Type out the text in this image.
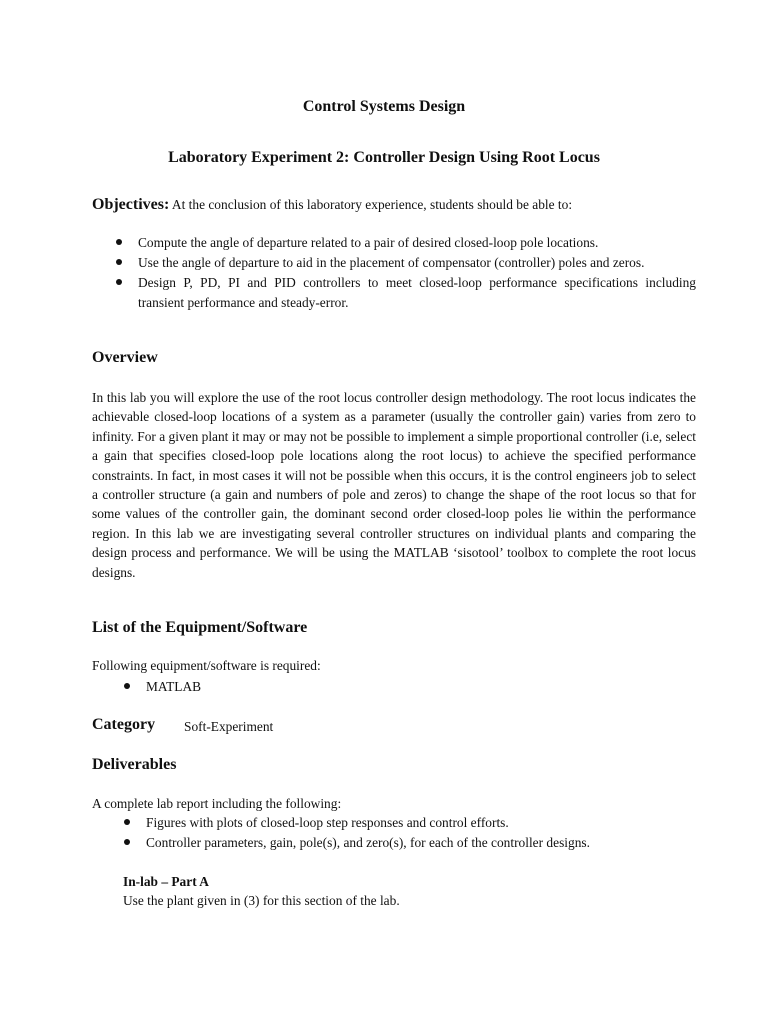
Control Systems Design
Laboratory Experiment 2: Controller Design Using Root Locus
Objectives: At the conclusion of this laboratory experience, students should be able to:
Compute the angle of departure related to a pair of desired closed-loop pole locations.
Use the angle of departure to aid in the placement of compensator (controller) poles and zeros.
Design P, PD, PI and PID controllers to meet closed-loop performance specifications including transient performance and steady-error.
Overview

In this lab you will explore the use of the root locus controller design methodology. The root locus indicates the achievable closed-loop locations of a system as a parameter (usually the controller gain) varies from zero to infinity. For a given plant it may or may not be possible to implement a simple proportional controller (i.e, select a gain that specifies closed-loop pole locations along the root locus) to achieve the specified performance constraints. In fact, in most cases it will not be possible when this occurs, it is the control engineers job to select a controller structure (a gain and numbers of pole and zeros) to change the shape of the root locus so that for some values of the controller gain, the dominant second order closed-loop poles lie within the performance region. In this lab we are investigating several controller structures on individual plants and comparing the design process and performance. We will be using the MATLAB ‘sisotool’ toolbox to complete the root locus designs.

List of the Equipment/Software
Following equipment/software is required:
MATLAB
Category Soft-Experiment
Deliverables
A complete lab report including the following:
Figures with plots of closed-loop step responses and control efforts.
Controller parameters, gain, pole(s), and zero(s), for each of the controller designs.
In-lab – Part A
Use the plant given in (3) for this section of the lab.
